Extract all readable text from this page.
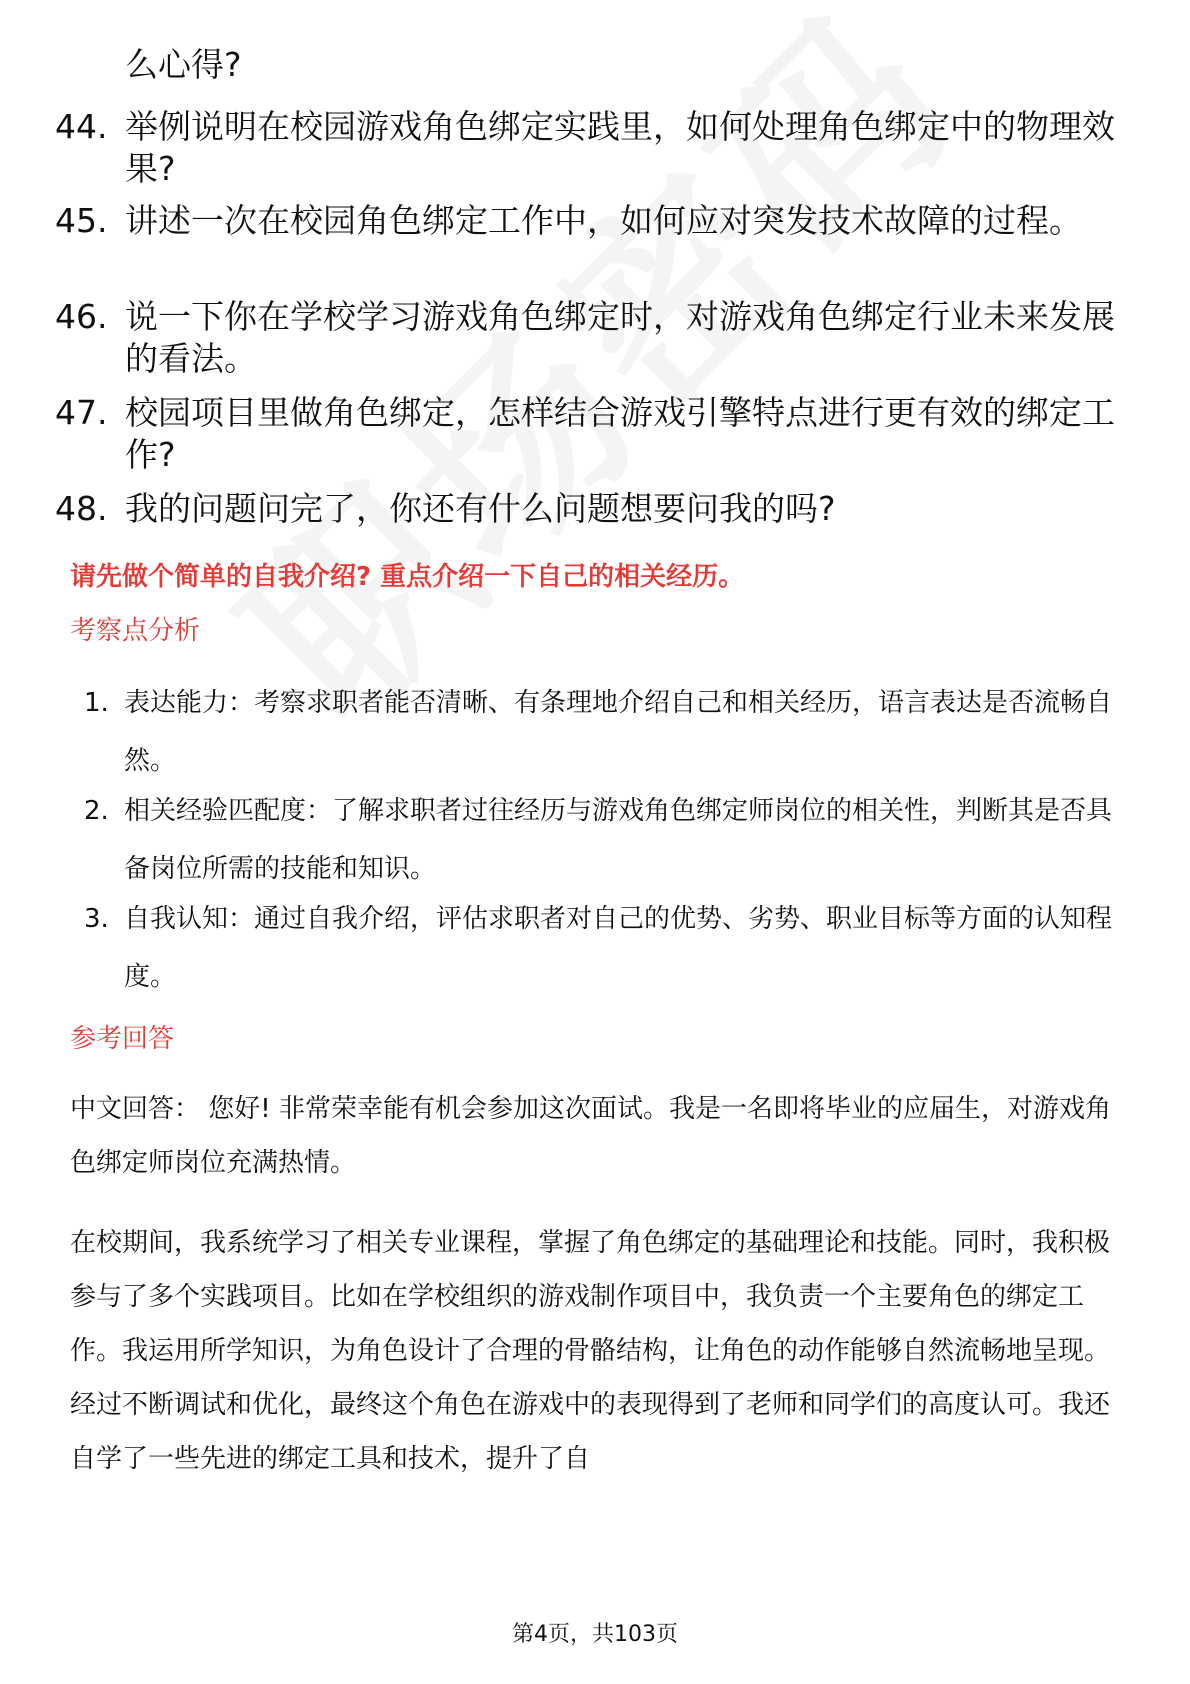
么心得?
44. 举例说明在校园游戏角色绑定实践里，如何处理角色绑定中的物理效果?
45. 讲述一次在校园角色绑定工作中，如何应对突发技术故障的过程。
46. 说一下你在学校学习游戏角色绑定时，对游戏角色绑定行业未来发展的看法。
47. 校园项目里做角色绑定，怎样结合游戏引擎特点进行更有效的绑定工作?
48. 我的问题问完了，你还有什么问题想要问我的吗?
请先做个简单的自我介绍? 重点介绍一下自己的相关经历。
考察点分析
1. 表达能力：考察求职者能否清晰、有条理地介绍自己和相关经历，语言表达是否流畅自然。
2. 相关经验匹配度：了解求职者过往经历与游戏角色绑定师岗位的相关性，判断其是否具备岗位所需的技能和知识。
3. 自我认知：通过自我介绍，评估求职者对自己的优势、劣势、职业目标等方面的认知程度。
参考回答
中文回答： 您好! 非常荣幸能有机会参加这次面试。我是一名即将毕业的应届生，对游戏角色绑定师岗位充满热情。
在校期间，我系统学习了相关专业课程，掌握了角色绑定的基础理论和技能。同时，我积极参与了多个实践项目。比如在学校组织的游戏制作项目中，我负责一个主要角色的绑定工作。我运用所学知识，为角色设计了合理的骨骼结构，让角色的动作能够自然流畅地呈现。经过不断调试和优化，最终这个角色在游戏中的表现得到了老师和同学们的高度认可。我还自学了一些先进的绑定工具和技术，提升了自
第4页，共103页
